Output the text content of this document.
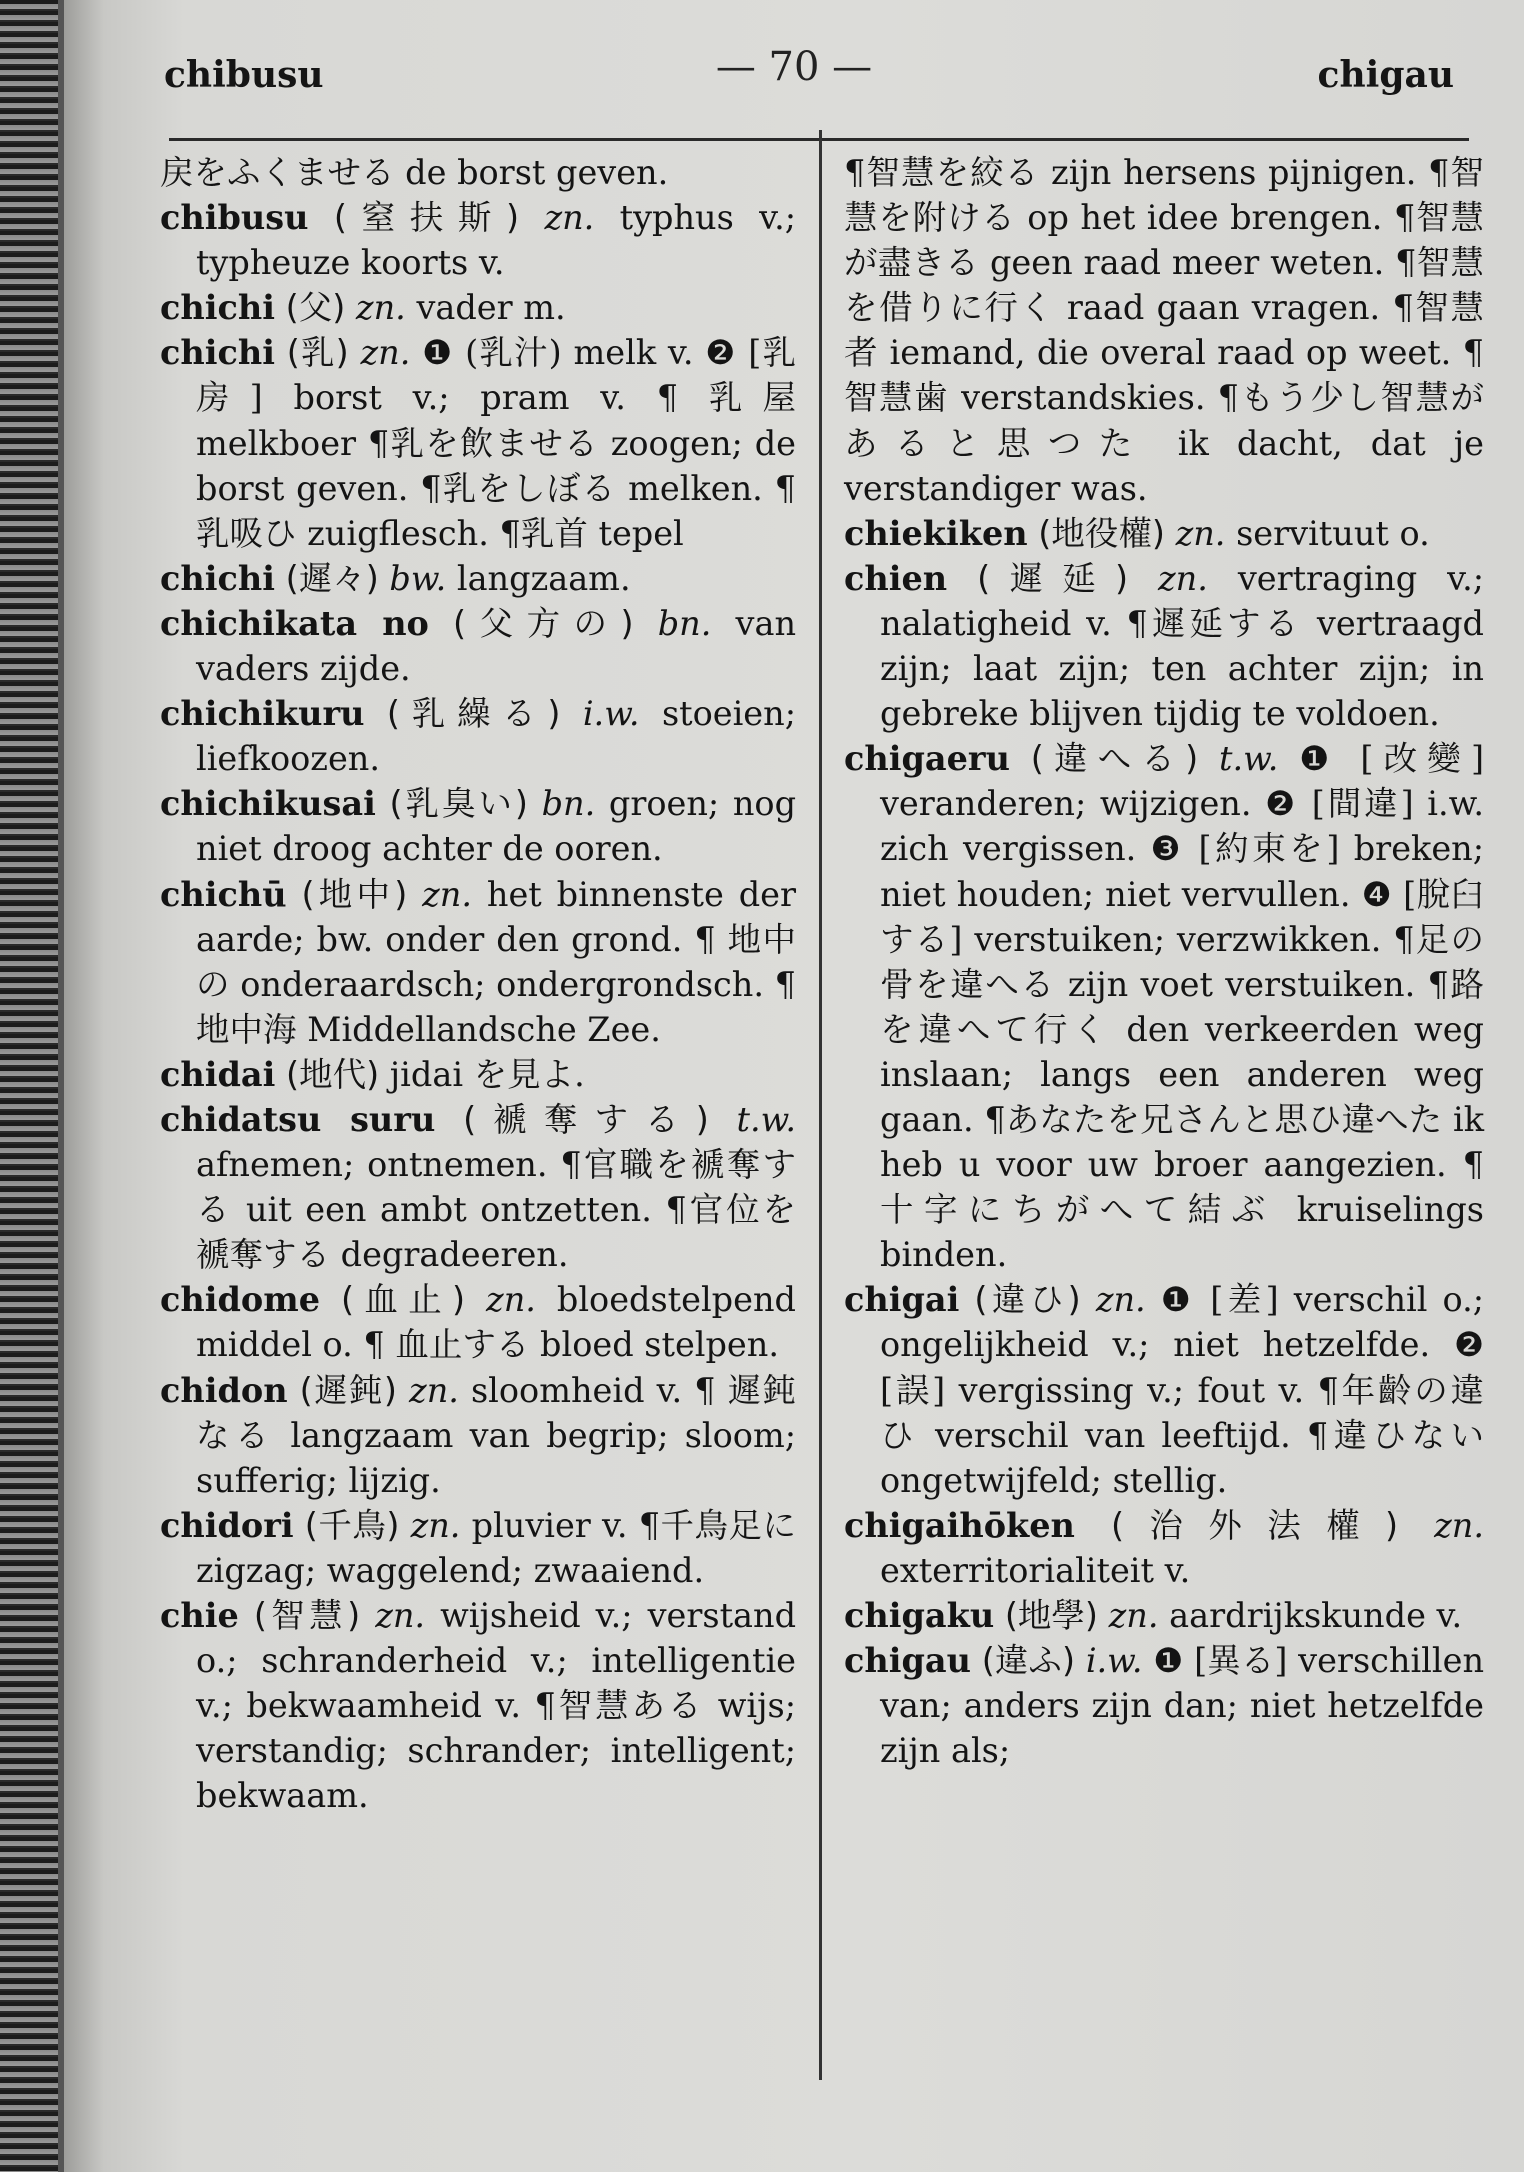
chibusu	— 70 —	chigau

戻をふくませる de borst geven.

chibusu (窒扶斯) zn. typhus v.; typheuze koorts v.

chichi (父) zn. vader m.

chichi (乳) zn. ❶ (乳汁) melk v. ❷ [乳房] borst v.; pram v. ¶ 乳屋 melkboer ¶乳を飲ませる zoogen; de borst geven. ¶乳をしぼる melken. ¶乳吸ひ zuigflesch. ¶乳首 tepel

chichi (遲々) bw. langzaam.

chichikata no (父方の) bn. van vaders zijde.

chichikuru (乳繰る) i.w. stoeien; liefkoozen.

chichikusai (乳臭い) bn. groen; nog niet droog achter de ooren.

chichū (地中) zn. het binnenste der aarde; bw. onder den grond. ¶ 地中の onderaardsch; ondergrondsch. ¶地中海 Middellandsche Zee.

chidai (地代) jidai を見よ.

chidatsu suru (褫奪する) t.w. afnemen; ontnemen. ¶官職を褫奪する uit een ambt ontzetten. ¶官位を褫奪する degradeeren.

chidome (血止) zn. bloedstelpend middel o. ¶ 血止する bloed stelpen.

chidon (遲鈍) zn. sloomheid v. ¶ 遲鈍なる langzaam van begrip; sloom; sufferig; lijzig.

chidori (千鳥) zn. pluvier v. ¶千鳥足に zigzag; waggelend; zwaaiend.

chie (智慧) zn. wijsheid v.; verstand o.; schranderheid v.; intelligentie v.; bekwaamheid v. ¶智慧ある wijs; verstandig; schrander; intelligent; bekwaam.

¶智慧を絞る zijn hersens pijnigen. ¶智慧を附ける op het idee brengen. ¶智慧が盡きる geen raad meer weten. ¶智慧を借りに行く raad gaan vragen. ¶智慧者 iemand, die overal raad op weet. ¶智慧歯 verstandskies. ¶もう少し智慧があると思つた ik dacht, dat je verstandiger was.

chiekiken (地役權) zn. servituut o.

chien (遲延) zn. vertraging v.; nalatigheid v. ¶遲延する vertraagd zijn; laat zijn; ten achter zijn; in gebreke blijven tijdig te voldoen.

chigaeru (違へる) t.w. ❶ [改變] veranderen; wijzigen. ❷ [間違] i.w. zich vergissen. ❸ [約束を] breken; niet houden; niet vervullen. ❹ [脫臼する] verstuiken; verzwikken. ¶足の骨を違へる zijn voet verstuiken. ¶路を違へて行く den verkeerden weg inslaan; langs een anderen weg gaan. ¶あなたを兄さんと思ひ違へた ik heb u voor uw broer aangezien. ¶十字にちがへて結ぶ kruiselings binden.

chigai (違ひ) zn. ❶ [差] verschil o.; ongelijkheid v.; niet hetzelfde. ❷ [誤] vergissing v.; fout v. ¶年齡の違ひ verschil van leeftijd. ¶違ひない ongetwijfeld; stellig.

chigaihōken (治外法權) zn. exterritorialiteit v.

chigaku (地學) zn. aardrijkskunde v.

chigau (違ふ) i.w. ❶ [異る] verschillen van; anders zijn dan; niet hetzelfde zijn als;
